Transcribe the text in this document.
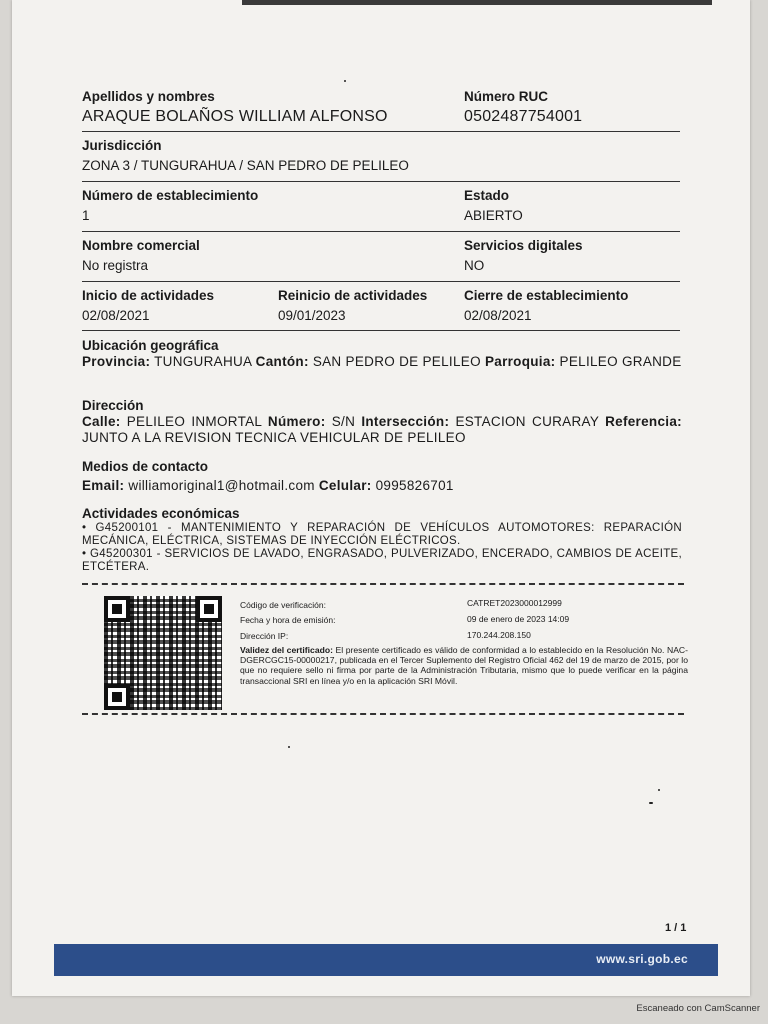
Apellidos y nombres
ARAQUE BOLAÑOS WILLIAM ALFONSO
Número RUC
0502487754001
Jurisdicción
ZONA 3 / TUNGURAHUA / SAN PEDRO DE PELILEO
Número de establecimiento
1
Estado
ABIERTO
Nombre comercial
No registra
Servicios digitales
NO
Inicio de actividades
02/08/2021
Reinicio de actividades
09/01/2023
Cierre de establecimiento
02/08/2021
Ubicación geográfica
Provincia: TUNGURAHUA Cantón: SAN PEDRO DE PELILEO Parroquia: PELILEO GRANDE
Dirección
Calle: PELILEO INMORTAL Número: S/N Intersección: ESTACION CURARAY Referencia: JUNTO A LA REVISION TECNICA VEHICULAR DE PELILEO
Medios de contacto
Email: williamoriginal1@hotmail.com Celular: 0995826701
Actividades económicas
• G45200101 - MANTENIMIENTO Y REPARACIÓN DE VEHÍCULOS AUTOMOTORES: REPARACIÓN MECÁNICA, ELÉCTRICA, SISTEMAS DE INYECCIÓN ELÉCTRICOS.
• G45200301 - SERVICIOS DE LAVADO, ENGRASADO, PULVERIZADO, ENCERADO, CAMBIOS DE ACEITE, ETCÉTERA.
Código de verificación:	CATRET2023000012999
Fecha y hora de emisión:	09 de enero de 2023 14:09
Dirección IP:	170.244.208.150
Validez del certificado: El presente certificado es válido de conformidad a lo establecido en la Resolución No. NAC-DGERCGC15-00000217, publicada en el Tercer Suplemento del Registro Oficial 462 del 19 de marzo de 2015, por lo que no requiere sello ni firma por parte de la Administración Tributaria, mismo que lo puede verificar en la página transaccional SRI en línea y/o en la aplicación SRI Móvil.
1 / 1
www.sri.gob.ec
Escaneado con CamScanner
